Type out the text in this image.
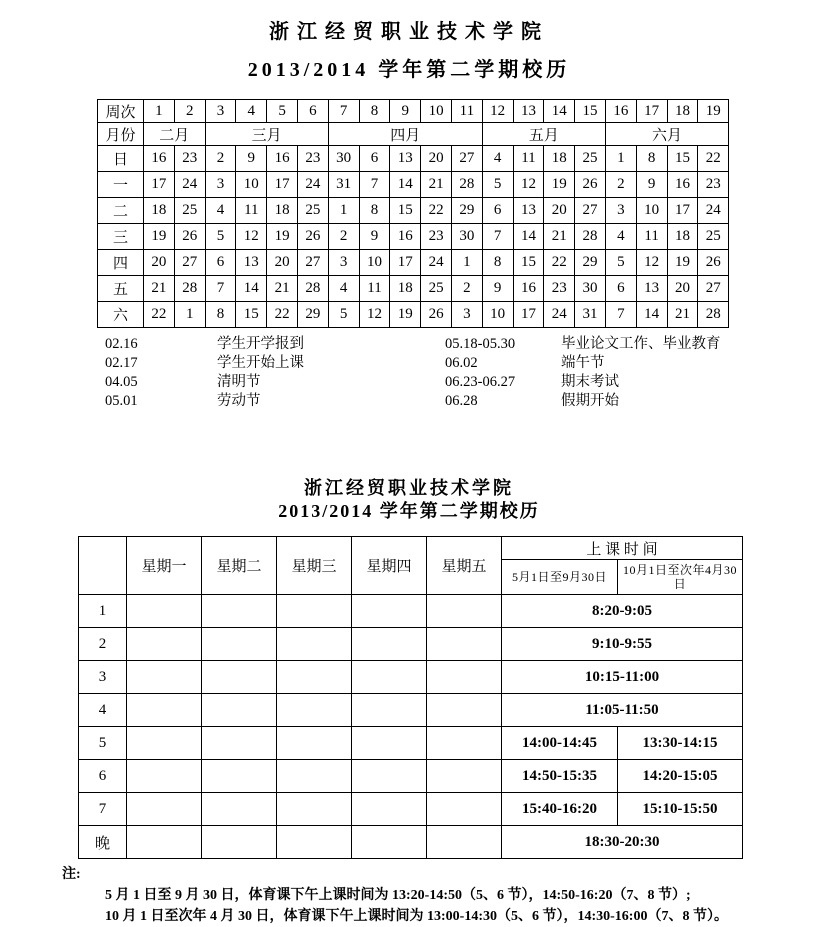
浙江经贸职业技术学院
2013/2014 学年第二学期校历
周次	1	2	3	4	5	6	7	8	9	10	11	12	13	14	15	16	17	18	19
月份	二月		三月				四月					五月				六月			
日	16	23	2	9	16	23	30	6	13	20	27	4	11	18	25	1	8	15	22
一	17	24	3	10	17	24	31	7	14	21	28	5	12	19	26	2	9	16	23
二	18	25	4	11	18	25	1	8	15	22	29	6	13	20	27	3	10	17	24
三	19	26	5	12	19	26	2	9	16	23	30	7	14	21	28	4	11	18	25
四	20	27	6	13	20	27	3	10	17	24	1	8	15	22	29	5	12	19	26
五	21	28	7	14	21	28	4	11	18	25	2	9	16	23	30	6	13	20	27
六	22	1	8	15	22	29	5	12	19	26	3	10	17	24	31	7	14	21	28
02.16	学生开学报到	05.18-05.30	毕业论文工作、毕业教育
02.17	学生开始上课	06.02	端午节
04.05	清明节	06.23-06.27	期末考试
05.01	劳动节	06.28	假期开始
浙江经贸职业技术学院
2013/2014 学年第二学期校历
	星期一	星期二	星期三	星期四	星期五	上 课 时 间	
						5月1日至9月30日	10月1日至次年4月30日
1						8:20-9:05	
2						9:10-9:55	
3						10:15-11:00	
4						11:05-11:50	
5						14:00-14:45	13:30-14:15
6						14:50-15:35	14:20-15:05
7						15:40-16:20	15:10-15:50
晚						18:30-20:30	
注:
5 月 1 日至 9 月 30 日，体育课下午上课时间为 13:20-14:50（5、6 节），14:50-16:20（7、8 节）;
10 月 1 日至次年 4 月 30 日，体育课下午上课时间为 13:00-14:30（5、6 节），14:30-16:00（7、8 节）。
